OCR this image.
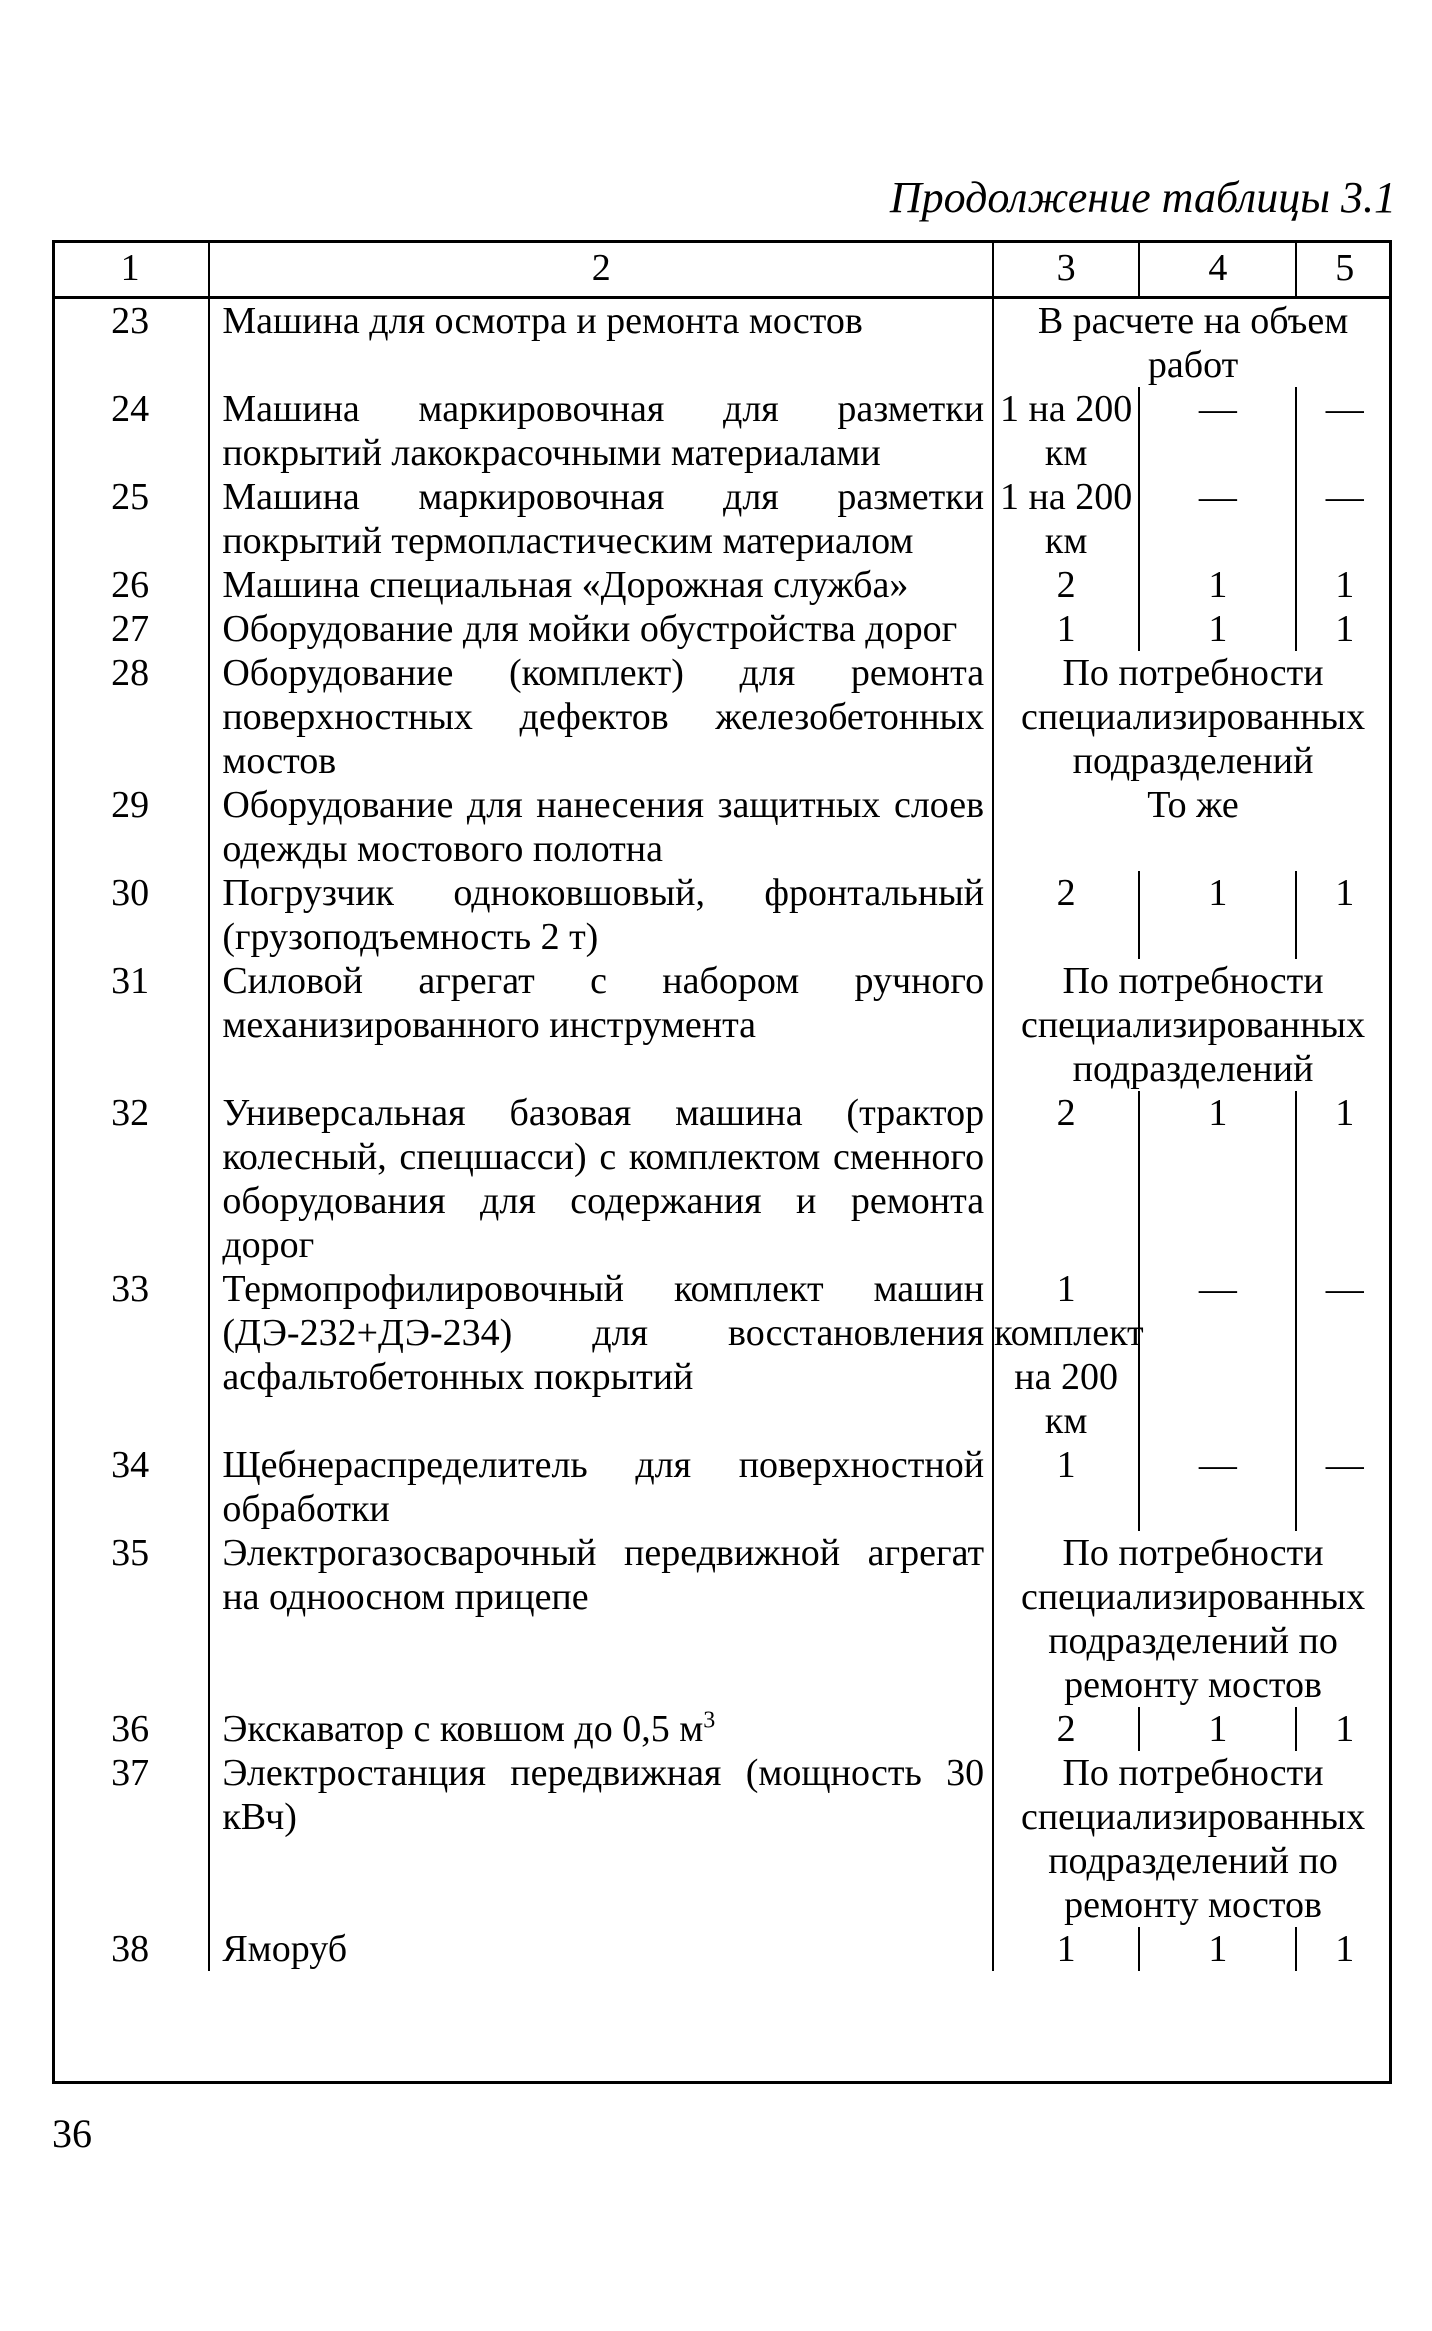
Продолжение таблицы 3.1
1	2	3	4	5
23	Машина для осмотра и ремонта мостов	В расчете на объем работ		
24	Машина маркировочная для разметки покрытий лакокрасочными материалами	1 на 200 км	—	—
25	Машина маркировочная для разметки покрытий термопластическим материалом	1 на 200 км	—	—
26	Машина специальная «Дорожная служба»	2	1	1
27	Оборудование для мойки обустройства дорог	1	1	1
28	Оборудование (комплект) для ремонта поверхностных дефектов железобетонных мостов	По потребности специализированных подразделений		
29	Оборудование для нанесения защитных слоев одежды мостового полотна	То же		
30	Погрузчик одноковшовый, фронтальный (грузоподъемность 2 т)	2	1	1
31	Силовой агрегат с набором ручного механизированного инструмента	По потребности специализированных подразделений		
32	Универсальная базовая машина (трактор колесный, спецшасси) с комплектом сменного оборудования для содержания и ремонта дорог	2	1	1
33	Термопрофилировочный комплект машин (ДЭ-232+ДЭ-234) для восстановления асфальтобетонных покрытий	1 комплект на 200 км	—	—
34	Щебнераспределитель для поверхностной обработки	1	—	—
35	Электрогазосварочный передвижной агрегат на одноосном прицепе	По потребности специализированных подразделений по ремонту мостов		
36	Экскаватор с ковшом до 0,5 $м^3$	2	1	1
37	Электростанция передвижная (мощность 30 кВч)	По потребности специализированных подразделений по ремонту мостов		
38	Яморуб	1	1	1
36
